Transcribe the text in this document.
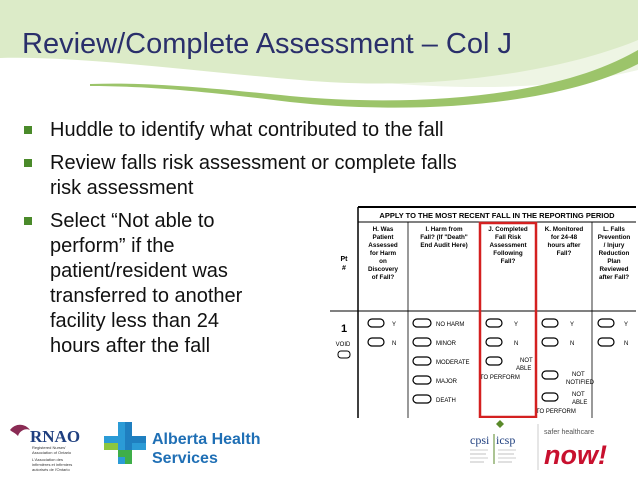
Review/Complete Assessment – Col J
Huddle to identify what contributed to the fall
Review falls risk assessment or complete falls
risk assessment
Select “Not able to
perform” if the
patient/resident was
transferred to another
facility less than 24
hours after the fall
APPLY TO THE MOST RECENT FALL IN THE REPORTING PERIOD
Pt
#
1
VOID
H. Was
Patient
Assessed
for Harm
on
Discovery
of Fall?
I. Harm from
Fall? (If "Death"
End Audit Here)
J. Completed
Fall Risk
Assessment
Following
Fall?
K. Monitored
for 24-48
hours after
Fall?
L. Falls
Prevention
/ Injury
Reduction
Plan
Reviewed
after Fall?
Y
N
NO HARM
MINOR
MODERATE
MAJOR
DEATH
Y
N
NOT
ABLE
TO PERFORM
Y
N
NOT
NOTIFIED
NOT
ABLE
TO PERFORM
Y
N
RNAO
Registered Nurses'
Association of Ontario
L'Association des
infirmières et infirmiers
autorisés de l'Ontario
Alberta Health
Services
cpsi icsp
safer healthcare
now!
